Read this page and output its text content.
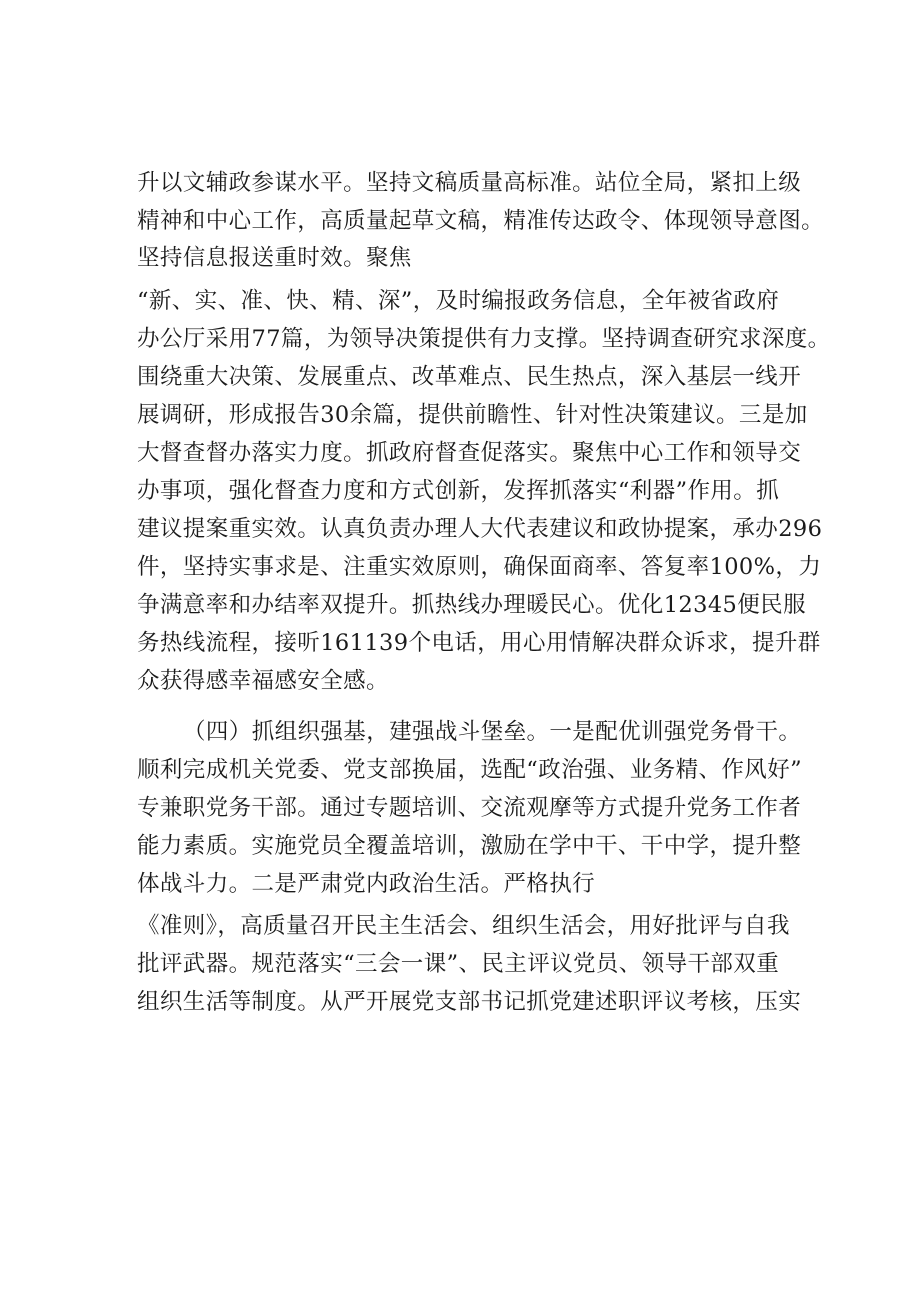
升以文辅政参谋水平。坚持文稿质量高标准。站位全局，紧扣上级
精神和中心工作，高质量起草文稿，精准传达政令、体现领导意图。
坚持信息报送重时效。聚焦
“新、实、准、快、精、深”，及时编报政务信息，全年被省政府
办公厅采用77篇，为领导决策提供有力支撑。坚持调查研究求深度。
围绕重大决策、发展重点、改革难点、民生热点，深入基层一线开
展调研，形成报告30余篇，提供前瞻性、针对性决策建议。三是加
大督查督办落实力度。抓政府督查促落实。聚焦中心工作和领导交
办事项，强化督查力度和方式创新，发挥抓落实“利器”作用。抓
建议提案重实效。认真负责办理人大代表建议和政协提案，承办296
件，坚持实事求是、注重实效原则，确保面商率、答复率100%，力
争满意率和办结率双提升。抓热线办理暖民心。优化12345便民服
务热线流程，接听161139个电话，用心用情解决群众诉求，提升群
众获得感幸福感安全感。
（四）抓组织强基，建强战斗堡垒。一是配优训强党务骨干。
顺利完成机关党委、党支部换届，选配“政治强、业务精、作风好”
专兼职党务干部。通过专题培训、交流观摩等方式提升党务工作者
能力素质。实施党员全覆盖培训，激励在学中干、干中学，提升整
体战斗力。二是严肃党内政治生活。严格执行
《准则》，高质量召开民主生活会、组织生活会，用好批评与自我
批评武器。规范落实“三会一课”、民主评议党员、领导干部双重
组织生活等制度。从严开展党支部书记抓党建述职评议考核，压实
